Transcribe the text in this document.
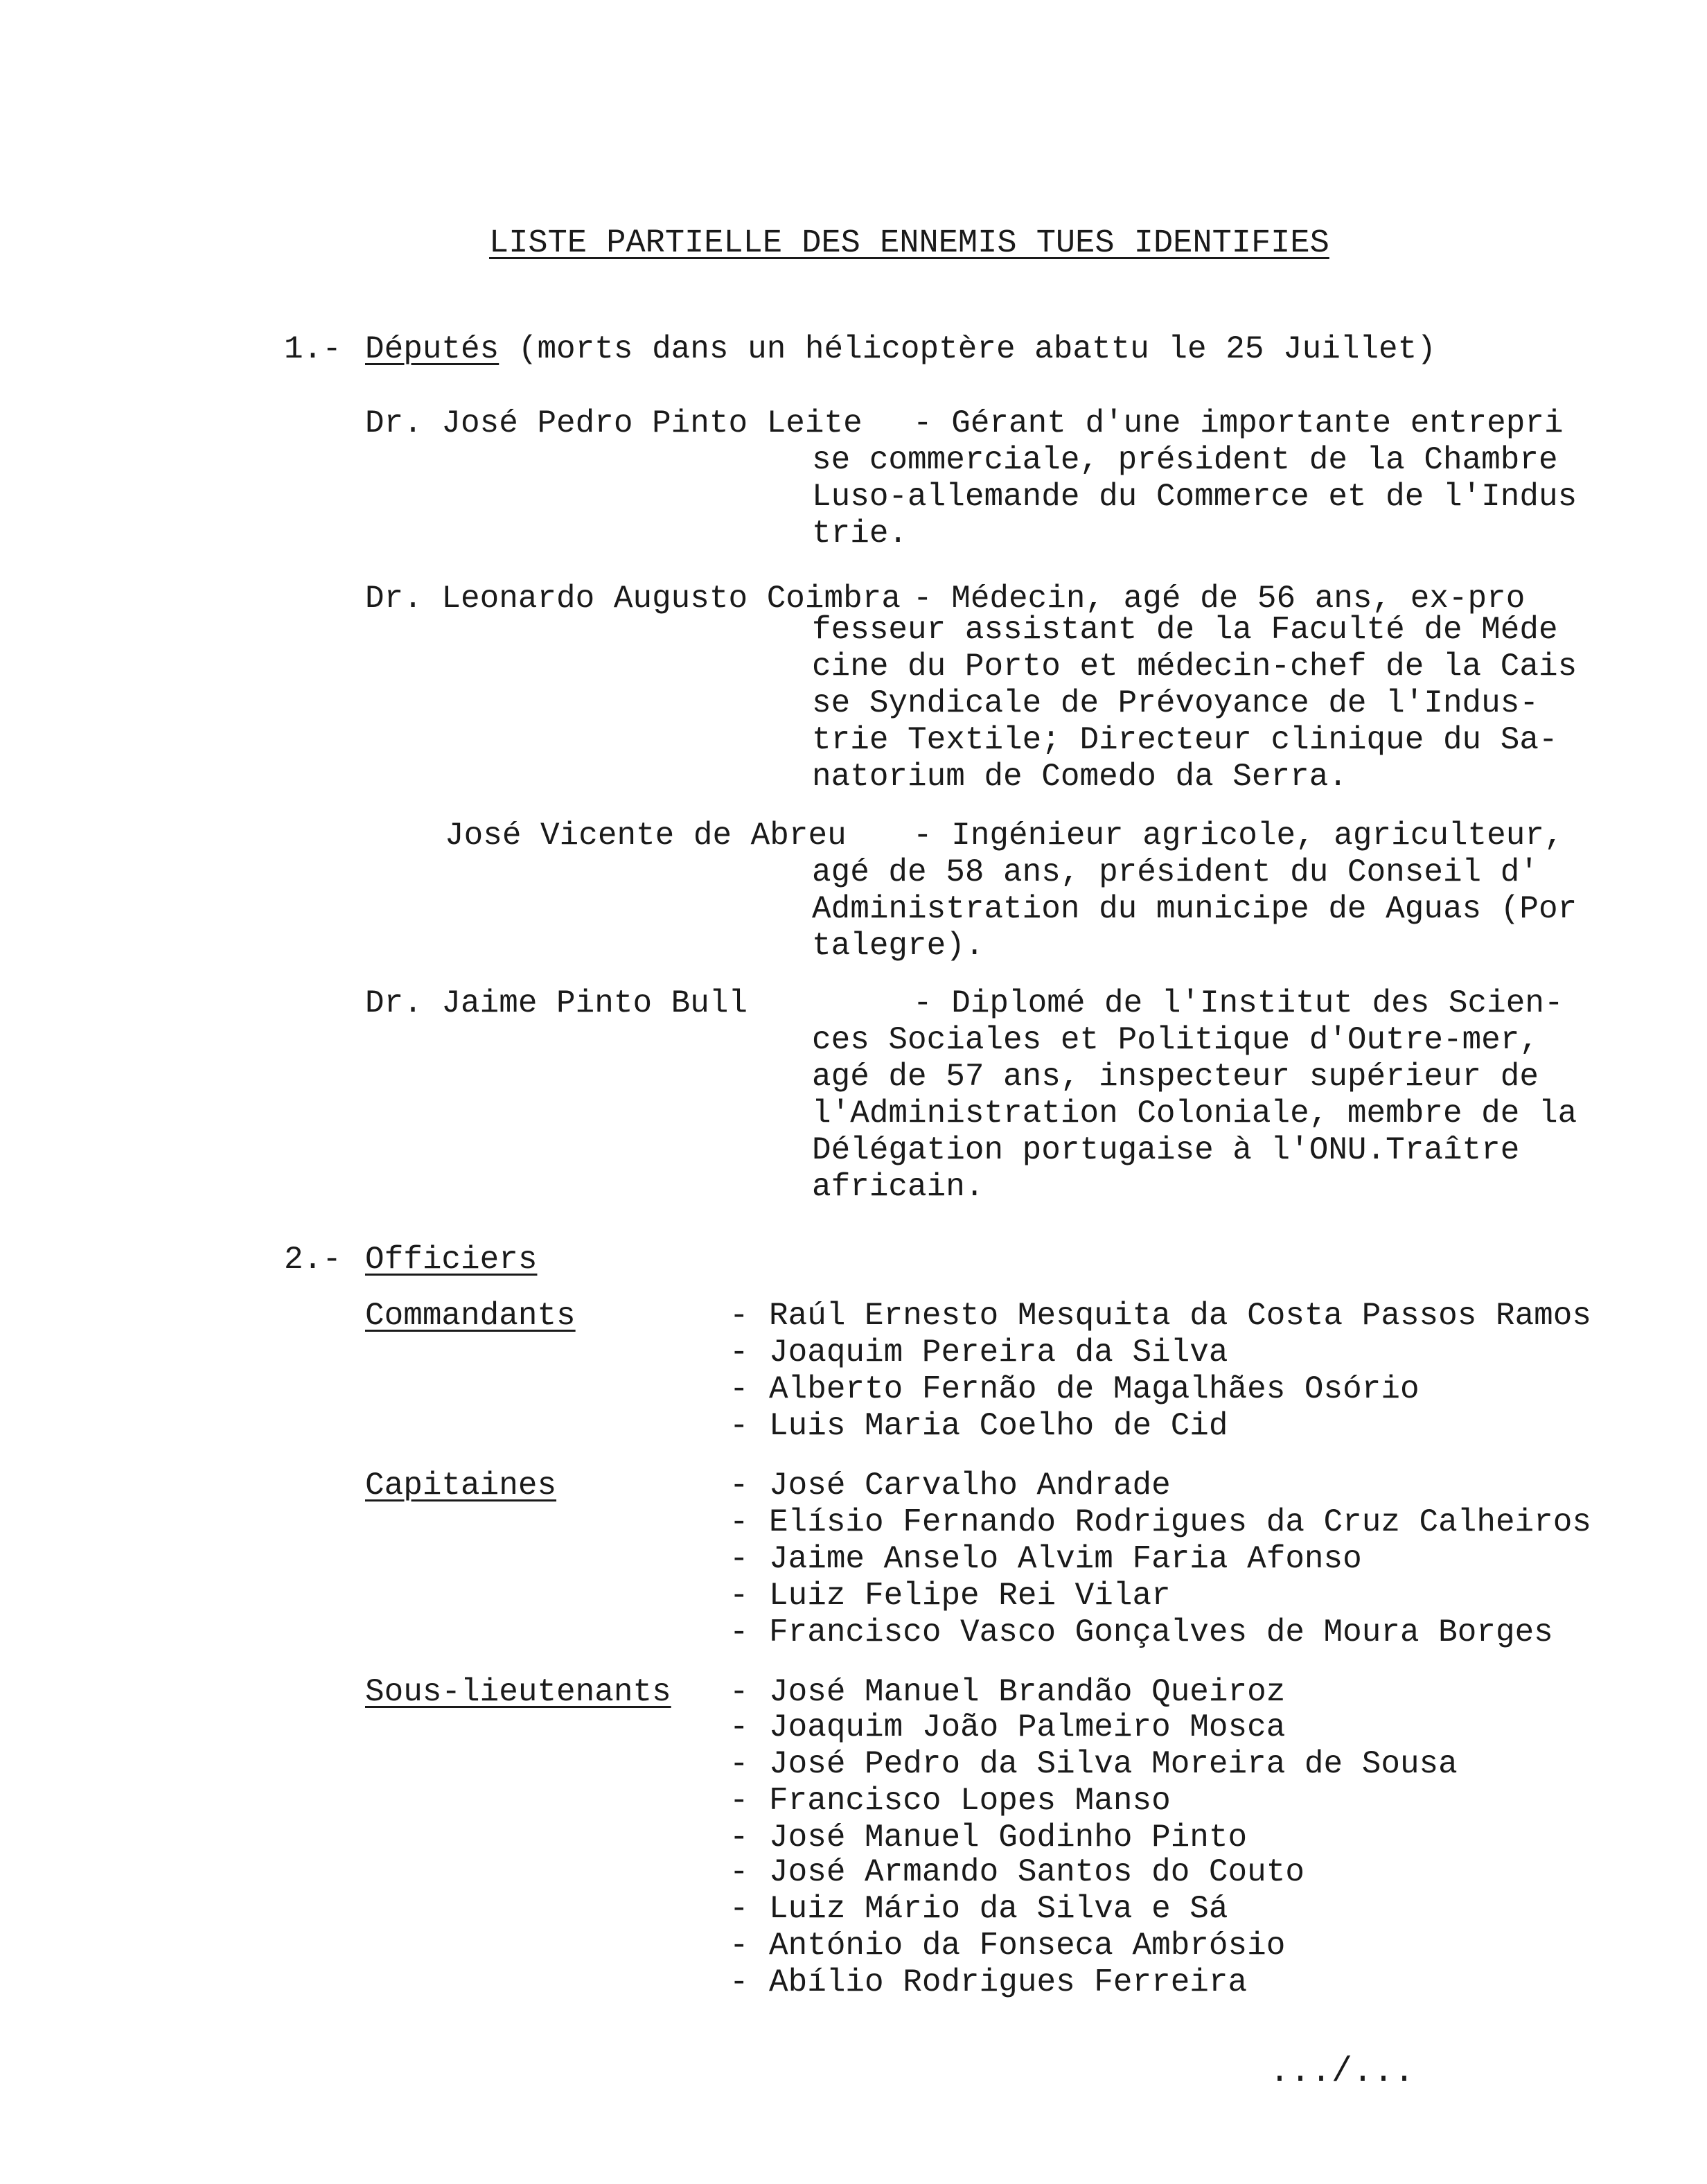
LISTE PARTIELLE DES ENNEMIS TUES IDENTIFIES
1.- Députés (morts dans un hélicoptère abattu le 25 Juillet)
Dr. José Pedro Pinto Leite - Gérant d'une importante entrepri
se commerciale, président de la Chambre
Luso-allemande du Commerce et de l'Indus
trie.
Dr. Leonardo Augusto Coimbra - Médecin, agé de 56 ans, ex-pro
fesseur assistant de la Faculté de Méde
cine du Porto et médecin-chef de la Cais
se Syndicale de Prévoyance de l'Indus-
trie Textile; Directeur clinique du Sa-
natorium de Comedo da Serra.
José Vicente de Abreu - Ingénieur agricole, agriculteur,
agé de 58 ans, président du Conseil d'
Administration du municipe de Aguas (Por
talegre).
Dr. Jaime Pinto Bull	- Diplomé de l'Institut des Scien-
ces Sociales et Politique d'Outre-mer,
agé de 57 ans, inspecteur supérieur de
l'Administration Coloniale, membre de la
Délégation portugaise à l'ONU.Traître
africain.
2.- Officiers
Commandants	- Raúl Ernesto Mesquita da Costa Passos Ramos
- Joaquim Pereira da Silva
- Alberto Fernão de Magalhães Osório
- Luis Maria Coelho de Cid
Capitaines	- José Carvalho Andrade
- Elísio Fernando Rodrigues da Cruz Calheiros
- Jaime Anselo Alvim Faria Afonso
- Luiz Felipe Rei Vilar
- Francisco Vasco Gonçalves de Moura Borges
Sous-lieutenants - José Manuel Brandão Queiroz
- Joaquim João Palmeiro Mosca
- José Pedro da Silva Moreira de Sousa
- Francisco Lopes Manso
- José Manuel Godinho Pinto
- José Armando Santos do Couto
- Luiz Mário da Silva e Sá
- António da Fonseca Ambrósio
- Abílio Rodrigues Ferreira
.../...
